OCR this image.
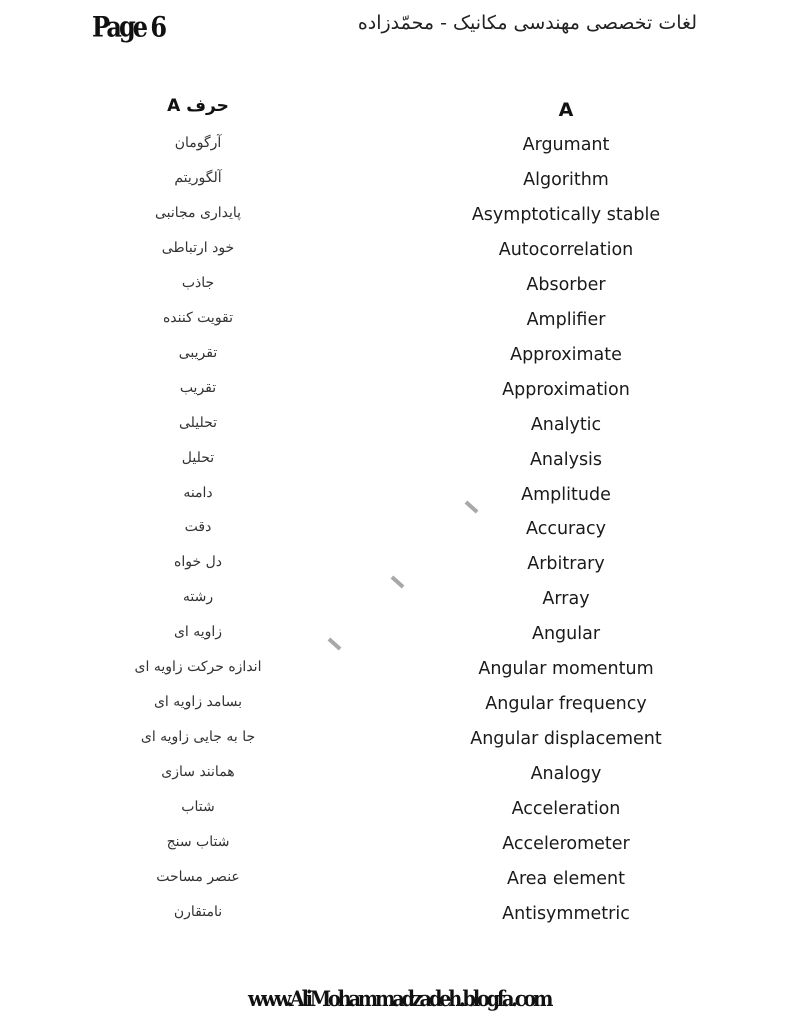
Page 6	لغات تخصصی مهندسی مکانیک - محمّدزاده
A
حرف A
Argumant
آرگومان
Algorithm
آلگوریتم
Asymptotically stable
پایداری مجانبی
Autocorrelation
خود ارتباطی
Absorber
جاذب
Amplifier
تقویت کننده
Approximate
تقریبی
Approximation
تقریب
Analytic
تحلیلی
Analysis
تحلیل
Amplitude
دامنه
Accuracy
دقت
Arbitrary
دل خواه
Array
رشته
Angular
زاویه ای
Angular momentum
اندازه حرکت زاویه ای
Angular frequency
بسامد زاویه ای
Angular displacement
جا به جایی زاویه ای
Analogy
همانند سازی
Acceleration
شتاب
Accelerometer
شتاب سنج
Area element
عنصر مساحت
Antisymmetric
نامتقارن
www.AliMohammadzadeh.blogfa.com
